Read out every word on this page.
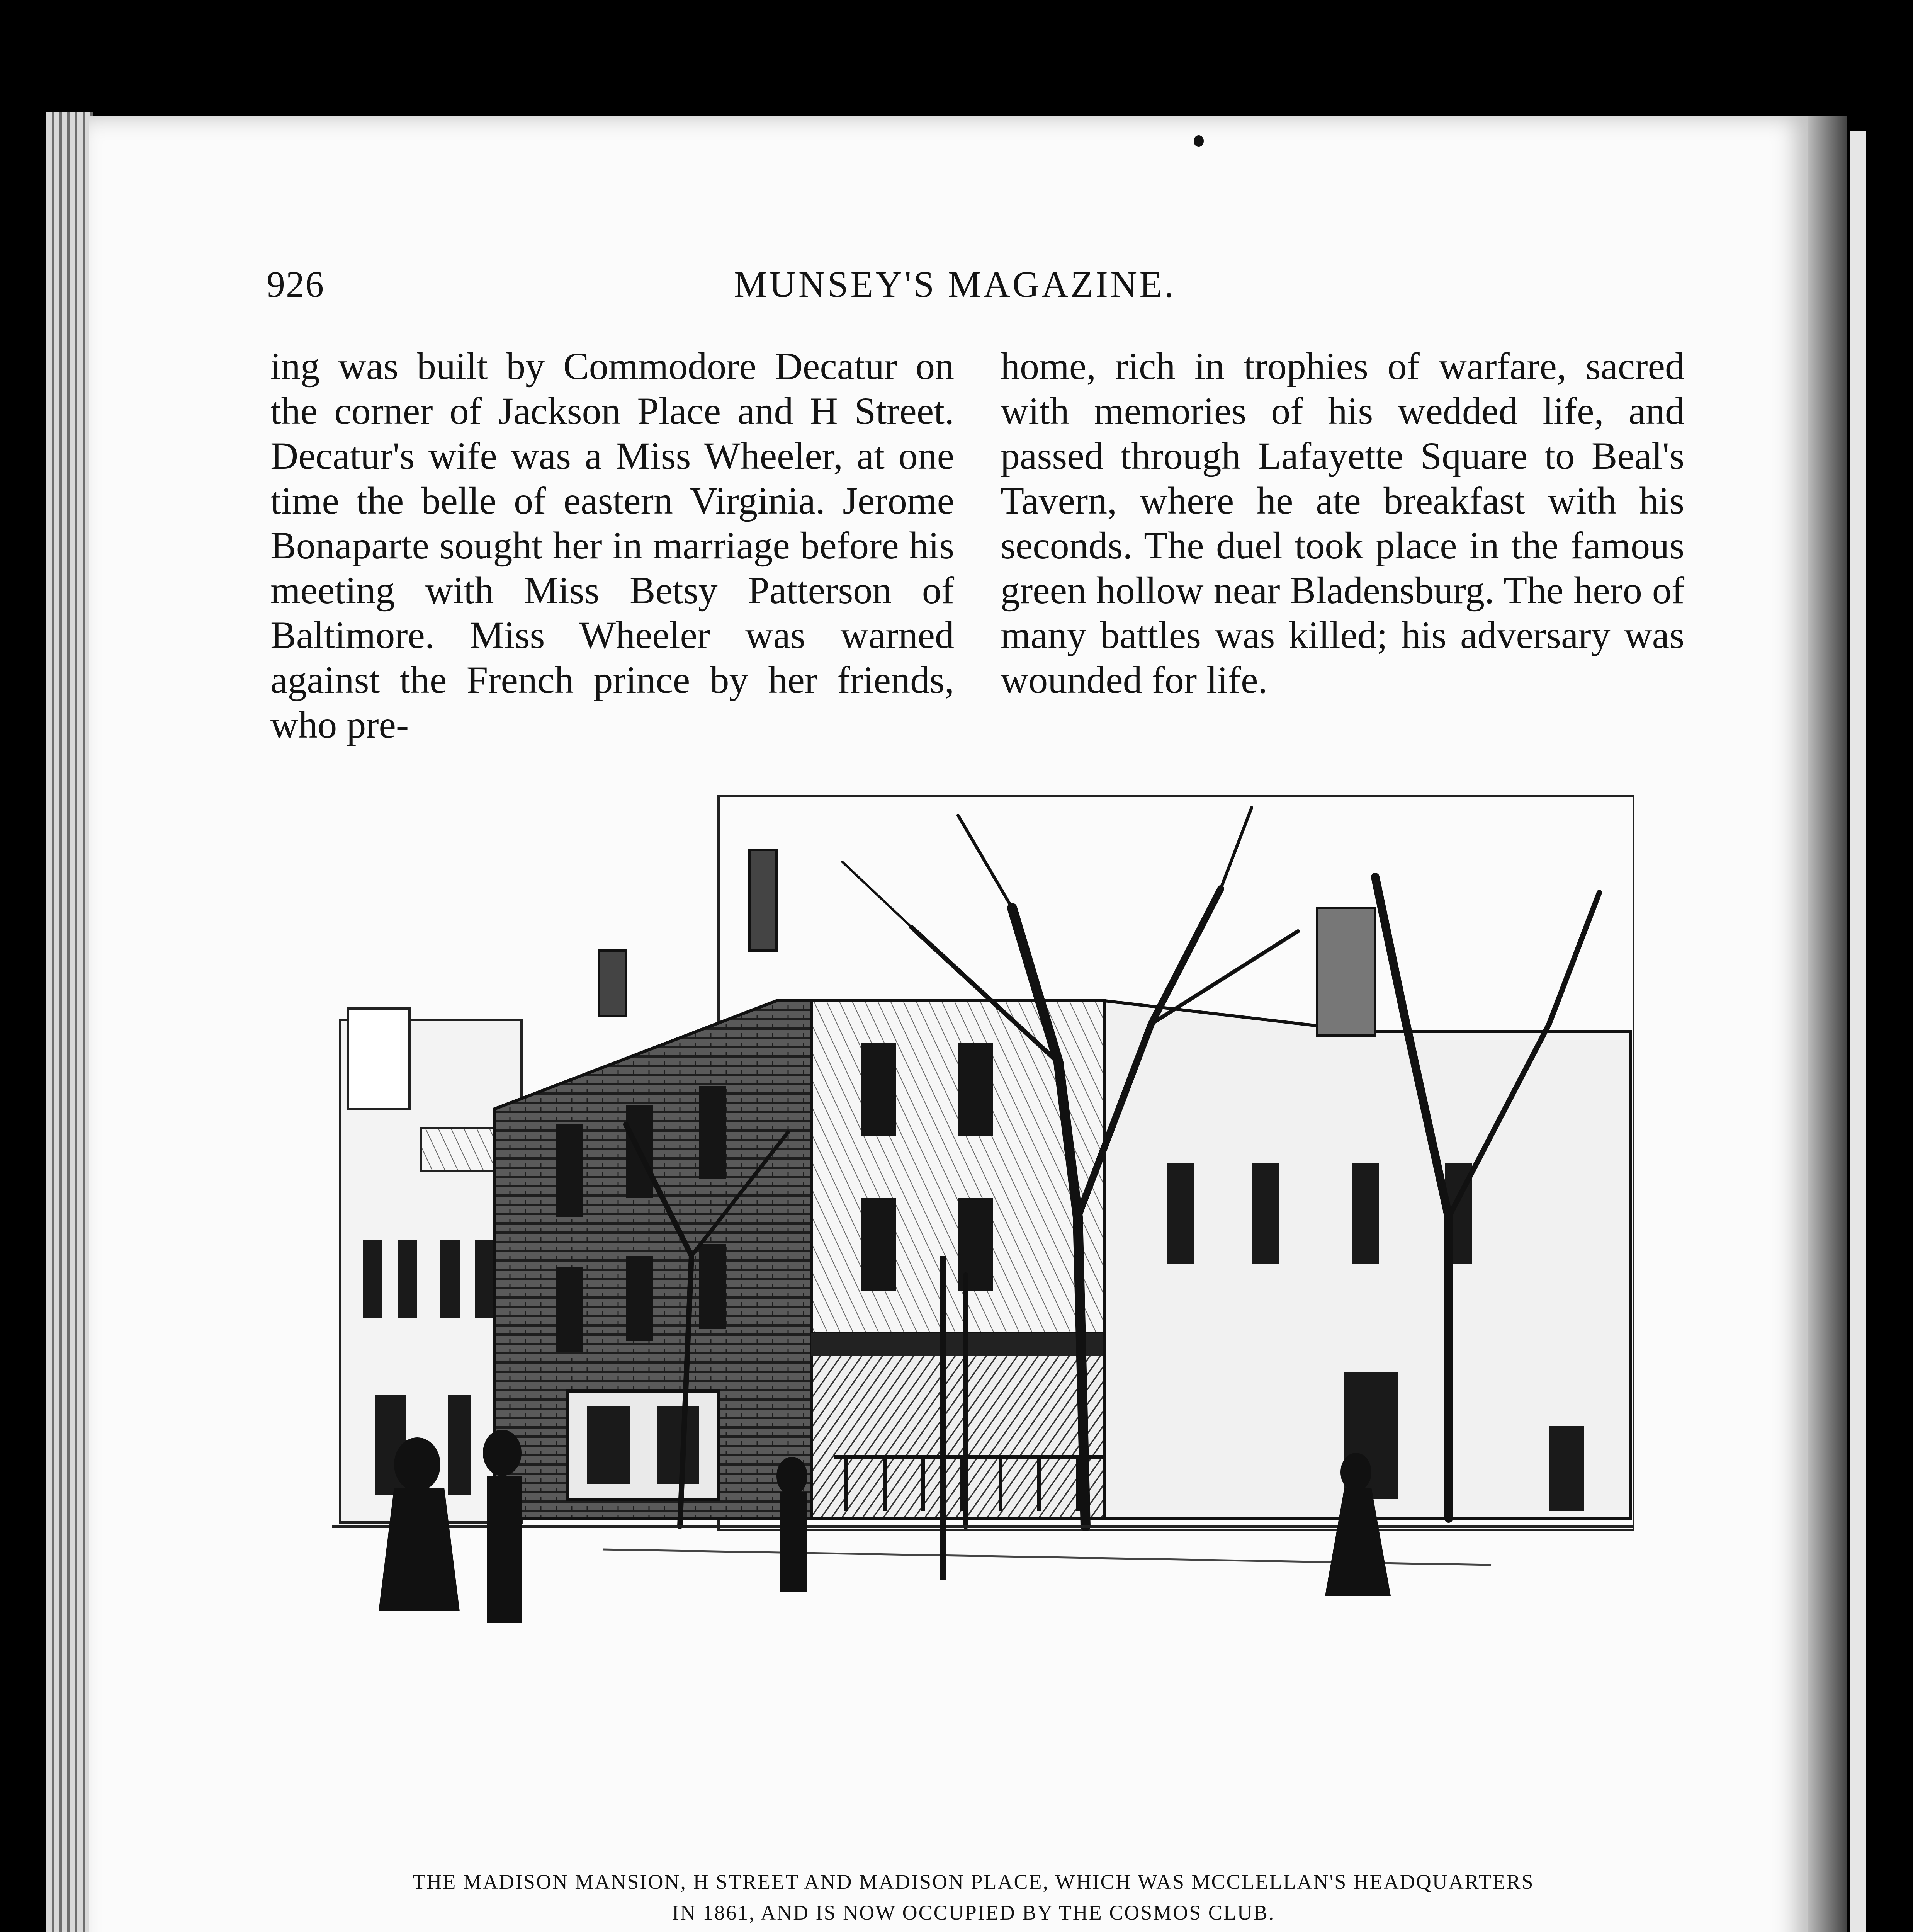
926	MUNSEY'S MAGAZINE.

ing was built by Commodore Decatur on the corner of Jackson Place and H Street. Decatur's wife was a Miss Wheeler, at one time the belle of eastern Virginia. Jerome Bonaparte sought her in marriage before his meeting with Miss Betsy Patterson of Baltimore. Miss Wheeler was warned against the French prince by her friends, who pre-

home, rich in trophies of warfare, sacred with memories of his wedded life, and passed through Lafayette Square to Beal's Tavern, where he ate breakfast with his seconds. The duel took place in the famous green hollow near Bladensburg. The hero of many battles was killed; his adversary was wounded for life.

THE MADISON MANSION, H STREET AND MADISON PLACE, WHICH WAS MCCLELLAN'S HEADQUARTERS
IN 1861, AND IS NOW OCCUPIED BY THE COSMOS CLUB.
